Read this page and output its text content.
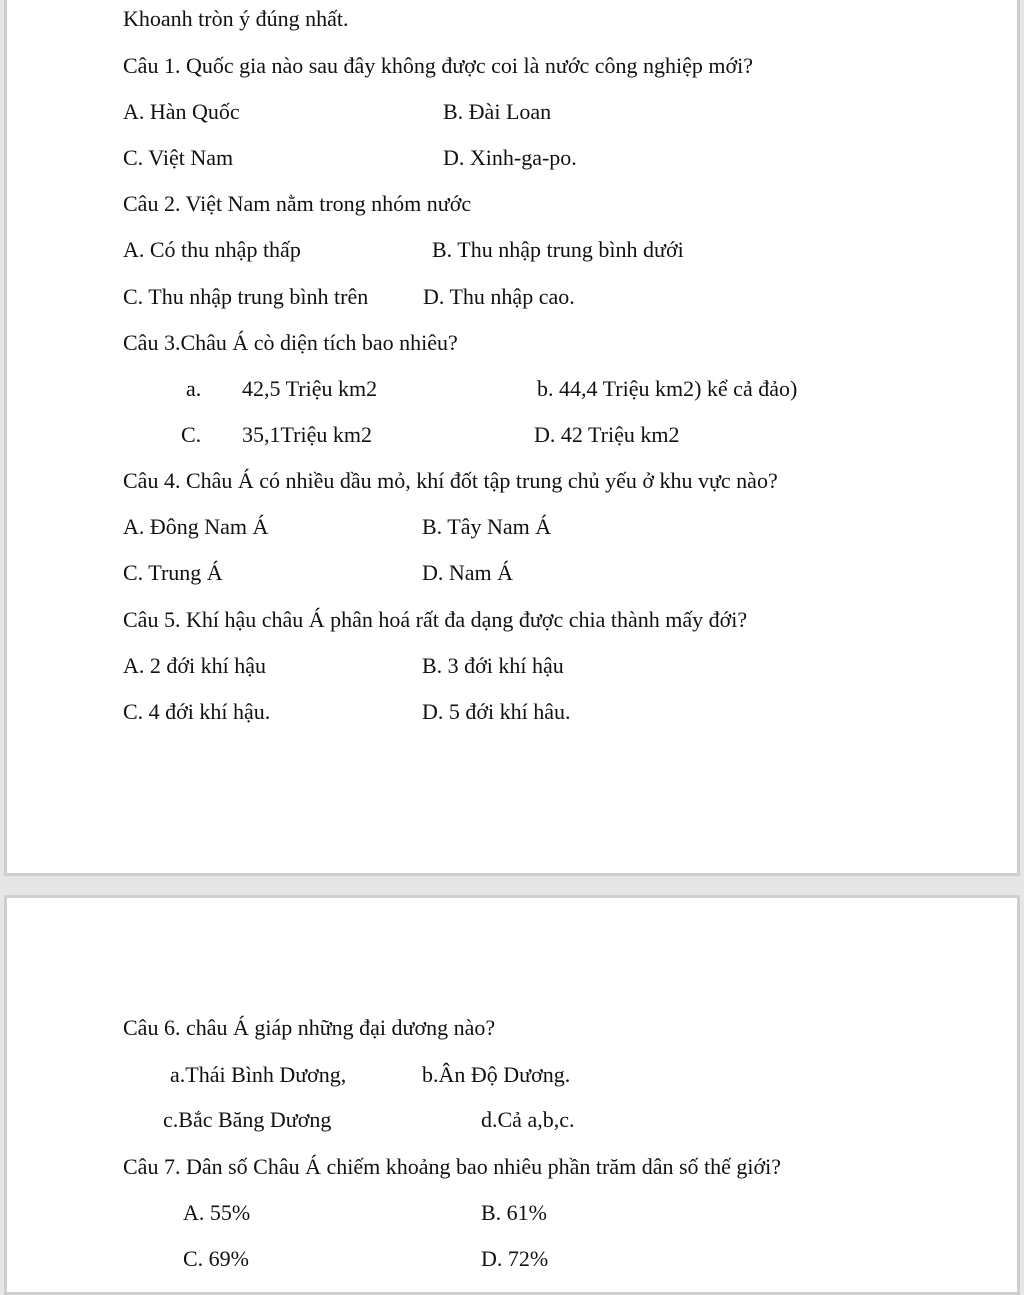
Khoanh tròn ý đúng nhất.
Câu 1. Quốc gia nào sau đây không được coi là nước công nghiệp mới?
A. Hàn Quốc	B. Đài Loan
C. Việt Nam	D. Xinh-ga-po.
Câu 2. Việt Nam nằm trong nhóm nước
A. Có thu nhập thấp	B. Thu nhập trung bình dưới
C. Thu nhập trung bình trên D. Thu nhập cao.
Câu 3.Châu Á cò diện tích bao nhiêu?
a. 42,5 Triệu km2	b. 44,4 Triệu km2) kể cả đảo)
C. 35,1Triệu km2	D. 42 Triệu km2
Câu 4. Châu Á có nhiều dầu mỏ, khí đốt tập trung chủ yếu ở khu vực nào?
A. Đông Nam Á	B. Tây Nam Á
C. Trung Á	D. Nam Á
Câu 5. Khí hậu châu Á phân hoá rất đa dạng được chia thành mấy đới?
A. 2 đới khí hậu	B. 3 đới khí hậu
C. 4 đới khí hậu.	D. 5 đới khí hâu.
Câu 6. châu Á giáp những đại dương nào?
a.Thái Bình Dương,	b.Ân Độ Dương.
c.Bắc Băng Dương	d.Cả a,b,c.
Câu 7. Dân số Châu Á chiếm khoảng bao nhiêu phần trăm dân số thế giới?
A. 55%	B. 61%
C. 69%	D. 72%
